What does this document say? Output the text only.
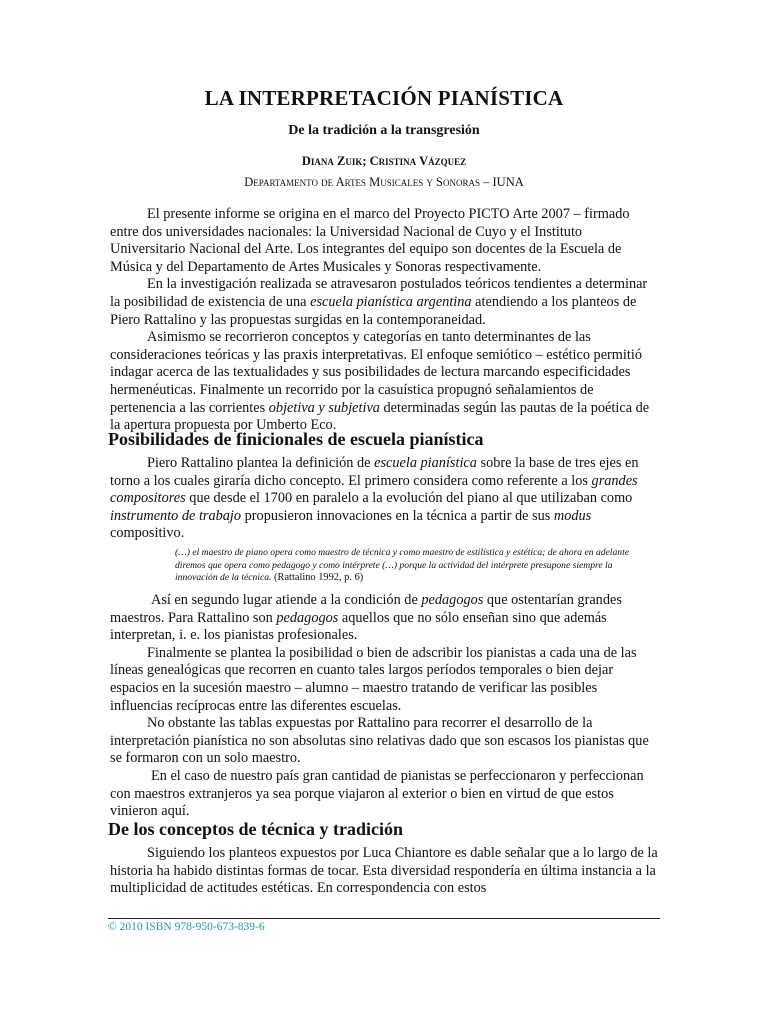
LA INTERPRETACIÓN PIANÍSTICA
De la tradición a la transgresión
Diana Zuik; Cristina Vázquez
Departamento de Artes Musicales y Sonoras – IUNA

El presente informe se origina en el marco del Proyecto PICTO Arte 2007 – firmado entre dos universidades nacionales: la Universidad Nacional de Cuyo y el Instituto Universitario Nacional del Arte. Los integrantes del equipo son docentes de la Escuela de Música y del Departamento de Artes Musicales y Sonoras respectivamente.

En la investigación realizada se atravesaron postulados teóricos tendientes a determinar la posibilidad de existencia de una escuela pianística argentina atendiendo a los planteos de Piero Rattalino y las propuestas surgidas en la contemporaneidad.

Asimismo se recorrieron conceptos y categorías en tanto determinantes de las consideraciones teóricas y las praxis interpretativas. El enfoque semiótico – estético permitió indagar acerca de las textualidades y sus posibilidades de lectura marcando especificidades hermenéuticas. Finalmente un recorrido por la casuística propugnó señalamientos de pertenencia a las corrientes objetiva y subjetiva determinadas según las pautas de la poética de la apertura propuesta por Umberto Eco.

Posibilidades de finicionales de escuela pianística

Piero Rattalino plantea la definición de escuela pianística sobre la base de tres ejes en torno a los cuales giraría dicho concepto. El primero considera como referente a los grandes compositores que desde el 1700 en paralelo a la evolución del piano al que utilizaban como instrumento de trabajo propusieron innovaciones en la técnica a partir de sus modus compositivo.

(…) el maestro de piano opera como maestro de técnica y como maestro de estilística y estética; de ahora en adelante diremos que opera como pedagogo y como intérprete (…) porque la actividad del intérprete presupone siempre la innovación de la técnica. (Rattalino 1992, p. 6)

Así en segundo lugar atiende a la condición de pedagogos que ostentarían grandes maestros. Para Rattalino son pedagogos aquellos que no sólo enseñan sino que además interpretan, i. e. los pianistas profesionales.

Finalmente se plantea la posibilidad o bien de adscribir los pianistas a cada una de las líneas genealógicas que recorren en cuanto tales largos períodos temporales o bien dejar espacios en la sucesión maestro – alumno – maestro tratando de verificar las posibles influencias recíprocas entre las diferentes escuelas.

No obstante las tablas expuestas por Rattalino para recorrer el desarrollo de la interpretación pianística no son absolutas sino relativas dado que son escasos los pianistas que se formaron con un solo maestro.

En el caso de nuestro país gran cantidad de pianistas se perfeccionaron y perfeccionan con maestros extranjeros ya sea porque viajaron al exterior o bien en virtud de que estos vinieron aquí.

De los conceptos de técnica y tradición

Siguiendo los planteos expuestos por Luca Chiantore es dable señalar que a lo largo de la historia ha habido distintas formas de tocar. Esta diversidad respondería en última instancia a la multiplicidad de actitudes estéticas. En correspondencia con estos

© 2010 ISBN 978-950-673-839-6
